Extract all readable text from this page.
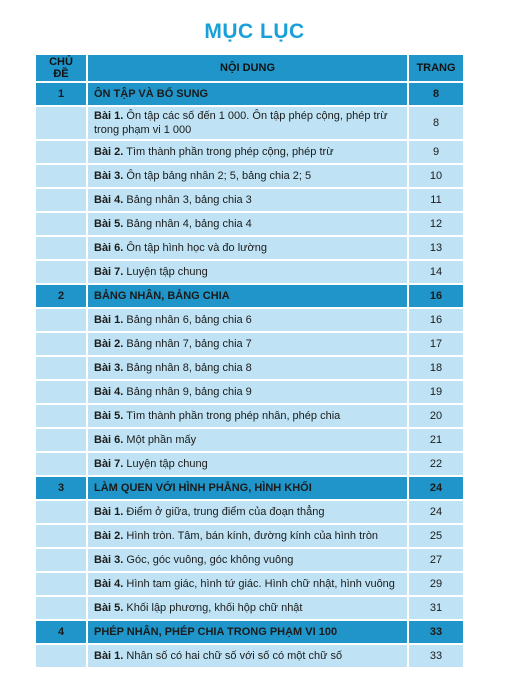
MỤC LỤC
CHỦ ĐỀ	NỘI DUNG	TRANG
1	ÔN TẬP VÀ BỔ SUNG	8
	Bài 1. Ôn tập các số đến 1 000. Ôn tập phép cộng, phép trừ trong phạm vi 1 000	8
	Bài 2. Tìm thành phần trong phép cộng, phép trừ	9
	Bài 3. Ôn tập bảng nhân 2; 5, bảng chia 2; 5	10
	Bài 4. Bảng nhân 3, bảng chia 3	11
	Bài 5. Bảng nhân 4, bảng chia 4	12
	Bài 6. Ôn tập hình học và đo lường	13
	Bài 7. Luyện tập chung	14
2	BẢNG NHÂN, BẢNG CHIA	16
	Bài 1. Bảng nhân 6, bảng chia 6	16
	Bài 2. Bảng nhân 7, bảng chia 7	17
	Bài 3. Bảng nhân 8, bảng chia 8	18
	Bài 4. Bảng nhân 9, bảng chia 9	19
	Bài 5. Tìm thành phần trong phép nhân, phép chia	20
	Bài 6. Một phần mấy	21
	Bài 7. Luyện tập chung	22
3	LÀM QUEN VỚI HÌNH PHẲNG, HÌNH KHỐI	24
	Bài 1. Điểm ở giữa, trung điểm của đoạn thẳng	24
	Bài 2. Hình tròn. Tâm, bán kính, đường kính của hình tròn	25
	Bài 3. Góc, góc vuông, góc không vuông	27
	Bài 4. Hình tam giác, hình tứ giác. Hình chữ nhật, hình vuông	29
	Bài 5. Khối lập phương, khối hộp chữ nhật	31
4	PHÉP NHÂN, PHÉP CHIA TRONG PHẠM VI 100	33
	Bài 1. Nhân số có hai chữ số với số có một chữ số	33
